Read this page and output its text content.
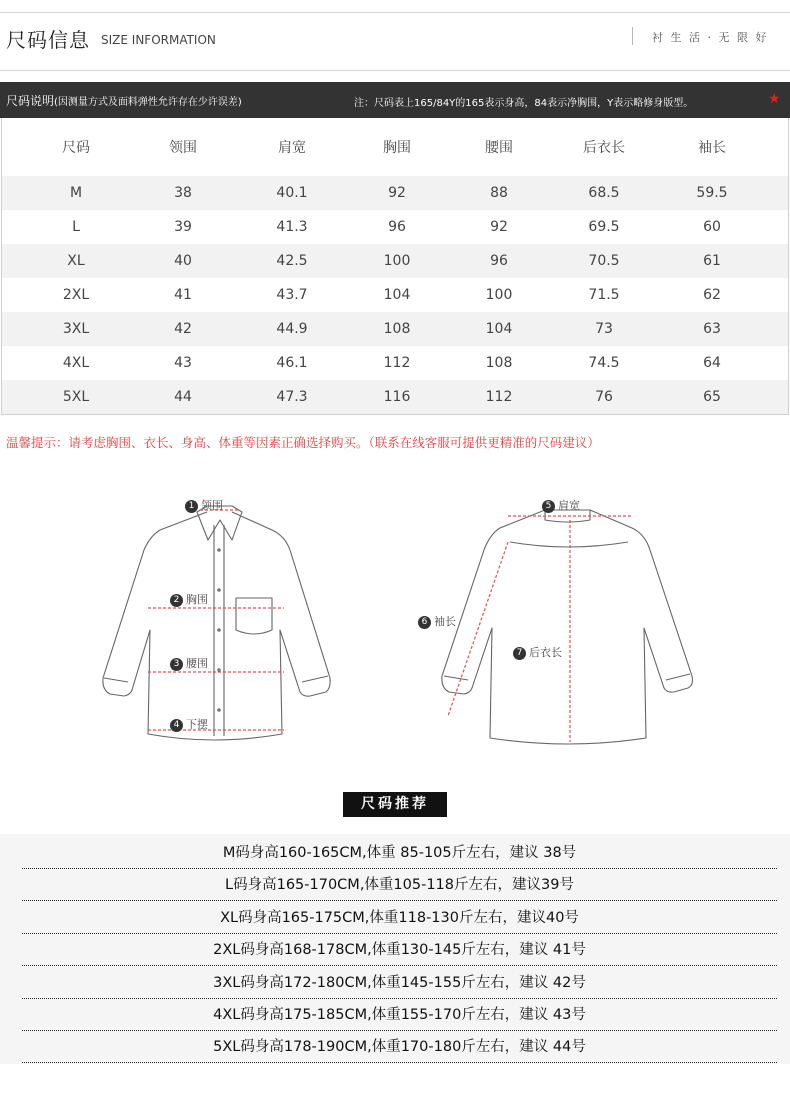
尺码信息 SIZE INFORMATION	衬 生 活 · 无 限 好
尺码说明(因测量方式及面料弹性允许存在少许误差)	注：尺码表上165/84Y的165表示身高，84表示净胸围，Y表示略修身版型。	★
尺码	领围	肩宽	胸围	腰围	后衣长	袖长
M	38	40.1	92	88	68.5	59.5
L	39	41.3	96	92	69.5	60
XL	40	42.5	100	96	70.5	61
2XL	41	43.7	104	100	71.5	62
3XL	42	44.9	108	104	73	63
4XL	43	46.1	112	108	74.5	64
5XL	44	47.3	116	112	76	65
温馨提示：请考虑胸围、衣长、身高、体重等因素正确选择购买。（联系在线客服可提供更精准的尺码建议）
1 领围
2 胸围
3 腰围
4 下摆
5 肩宽
6 袖长
7 后衣长
尺码推荐
M码身高160-165CM,体重 85-105斤左右，建议 38号
L码身高165-170CM,体重105-118斤左右，建议39号
XL码身高165-175CM,体重118-130斤左右，建议40号
2XL码身高168-178CM,体重130-145斤左右，建议 41号
3XL码身高172-180CM,体重145-155斤左右，建议 42号
4XL码身高175-185CM,体重155-170斤左右，建议 43号
5XL码身高178-190CM,体重170-180斤左右，建议 44号
